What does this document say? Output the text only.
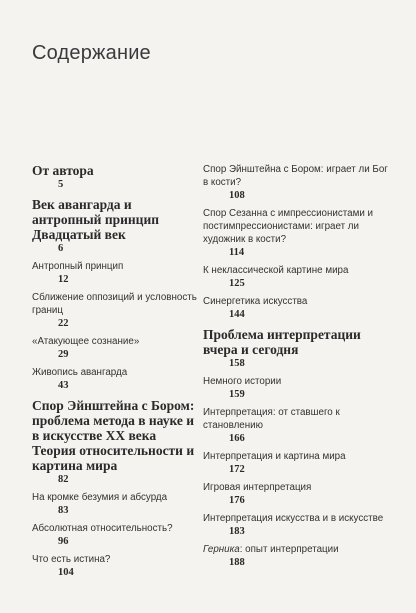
Содержание
От автора
5
Век авангарда и антропный принцип Двадцатый век
6
Антропный принцип
12
Сближение оппозиций и условность границ
22
«Атакующее сознание»
29
Живопись авангарда
43
Спор Эйнштейна с Бором: проблема метода в науке и в искусстве XX века Теория относительности и картина мира
82
На кромке безумия и абсурда
83
Абсолютная относительность?
96
Что есть истина?
104
Спор Эйнштейна с Бором: играет ли Бог в кости?
108
Спор Сезанна с импрессионистами и постимпрессионистами: играет ли художник в кости?
114
К неклассической картине мира
125
Синергетика искусства
144
Проблема интерпретации вчера и сегодня
158
Немного истории
159
Интерпретация: от ставшего к становлению
166
Интерпретация и картина мира
172
Игровая интерпретация
176
Интерпретация искусства и в искусстве
183
Герника: опыт интерпретации
188
